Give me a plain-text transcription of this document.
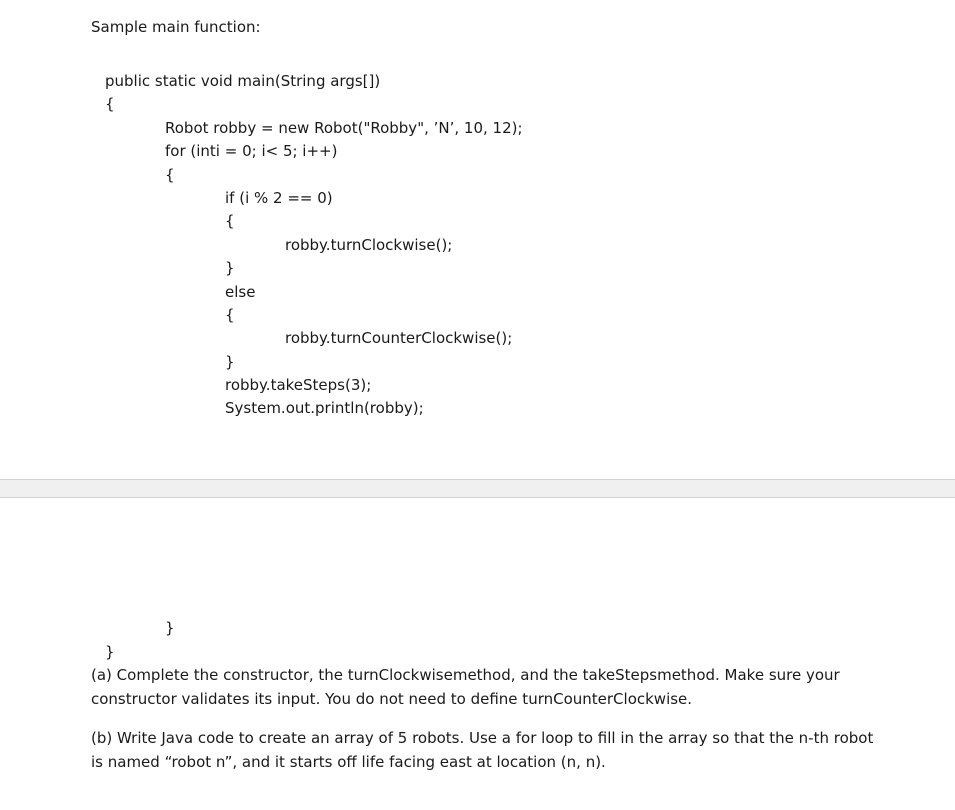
Sample main function:

public static void main(String args[])

{

Robot robby = new Robot("Robby", ’N’, 10, 12);

for (inti = 0; i< 5; i++)

{

if (i % 2 == 0)

{

robby.turnClockwise();

}

else

{

robby.turnCounterClockwise();

}

robby.takeSteps(3);

System.out.println(robby);

}

}

(a) Complete the constructor, the turnClockwisemethod, and the takeStepsmethod. Make sure your

constructor validates its input. You do not need to define turnCounterClockwise.

(b) Write Java code to create an array of 5 robots. Use a for loop to fill in the array so that the n-th robot

is named “robot n”, and it starts off life facing east at location (n, n).
